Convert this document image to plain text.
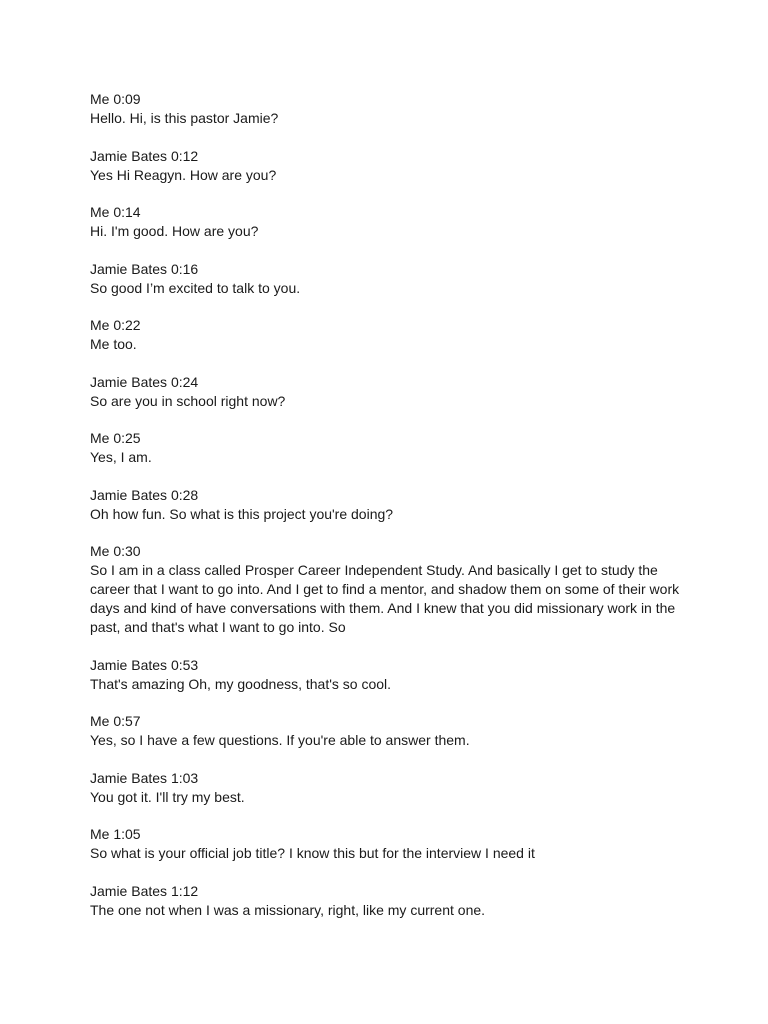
Me 0:09
Hello. Hi, is this pastor Jamie?
Jamie Bates 0:12
Yes Hi Reagyn. How are you?
Me 0:14
Hi. I'm good. How are you?
Jamie Bates 0:16
So good I’m excited to talk to you.
Me 0:22
Me too.
Jamie Bates 0:24
So are you in school right now?
Me 0:25
Yes, I am.
Jamie Bates 0:28
Oh how fun. So what is this project you're doing?
Me 0:30
So I am in a class called Prosper Career Independent Study. And basically I get to study the career that I want to go into. And I get to find a mentor, and shadow them on some of their work days and kind of have conversations with them. And I knew that you did missionary work in the past, and that's what I want to go into. So
Jamie Bates 0:53
That's amazing Oh, my goodness, that's so cool.
Me 0:57
Yes, so I have a few questions. If you're able to answer them.
Jamie Bates 1:03
You got it. I'll try my best.
Me 1:05
So what is your official job title? I know this but for the interview I need it
Jamie Bates 1:12
The one not when I was a missionary, right, like my current one.
